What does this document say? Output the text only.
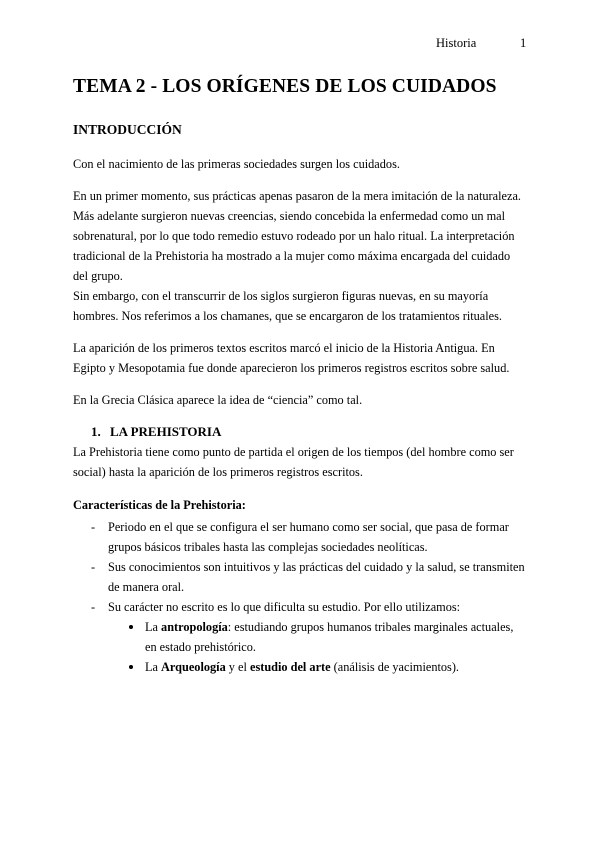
Historia	1
TEMA 2 - LOS ORÍGENES DE LOS CUIDADOS
INTRODUCCIÓN

Con el nacimiento de las primeras sociedades surgen los cuidados.

En un primer momento, sus prácticas apenas pasaron de la mera imitación de la naturaleza. Más adelante surgieron nuevas creencias, siendo concebida la enfermedad como un mal sobrenatural, por lo que todo remedio estuvo rodeado por un halo ritual. La interpretación tradicional de la Prehistoria ha mostrado a la mujer como máxima encargada del cuidado del grupo.

Sin embargo, con el transcurrir de los siglos surgieron figuras nuevas, en su mayoría hombres. Nos referimos a los chamanes, que se encargaron de los tratamientos rituales.

La aparición de los primeros textos escritos marcó el inicio de la Historia Antigua. En Egipto y Mesopotamia fue donde aparecieron los primeros registros escritos sobre salud.

En la Grecia Clásica aparece la idea de “ciencia” como tal.

1. LA PREHISTORIA

La Prehistoria tiene como punto de partida el origen de los tiempos (del hombre como ser social) hasta la aparición de los primeros registros escritos.

Características de la Prehistoria:
- Periodo en el que se configura el ser humano como ser social, que pasa de formar grupos básicos tribales hasta las complejas sociedades neolíticas.
- Sus conocimientos son intuitivos y las prácticas del cuidado y la salud, se transmiten de manera oral.
- Su carácter no escrito es lo que dificulta su estudio. Por ello utilizamos:
La antropología: estudiando grupos humanos tribales marginales actuales, en estado prehistórico.
La Arqueología y el estudio del arte (análisis de yacimientos).
